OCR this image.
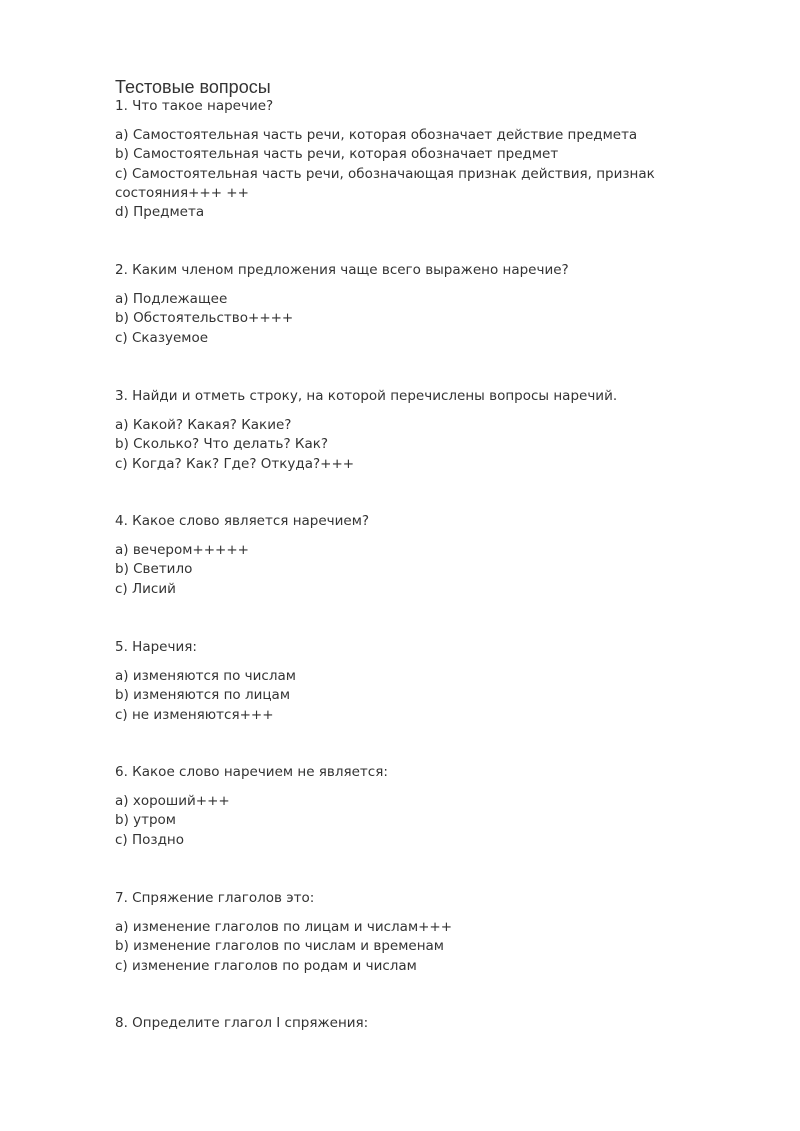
Тестовые вопросы

1. Что такое наречие?

a) Самостоятельная часть речи, которая обозначает действие предмета
b) Самостоятельная часть речи, которая обозначает предмет
c) Самостоятельная часть речи, обозначающая признак действия, признак состояния+++ ++
d) Предмета

2. Каким членом предложения чаще всего выражено наречие?

a) Подлежащее
b) Обстоятельство++++
c) Сказуемое

3. Найди и отметь строку, на которой перечислены вопросы наречий.

a) Какой? Какая? Какие?
b) Сколько? Что делать? Как?
c) Когда? Как? Где? Откуда?+++

4. Какое слово является наречием?

a) вечером+++++
b) Светило
c) Лисий

5. Наречия:

a) изменяются по числам
b) изменяются по лицам
c) не изменяются+++

6. Какое слово наречием не является:

a) хороший+++
b) утром
c) Поздно

7. Спряжение глаголов это:

a) изменение глаголов по лицам и числам+++
b) изменение глаголов по числам и временам
c) изменение глаголов по родам и числам

8. Определите глагол I спряжения:
